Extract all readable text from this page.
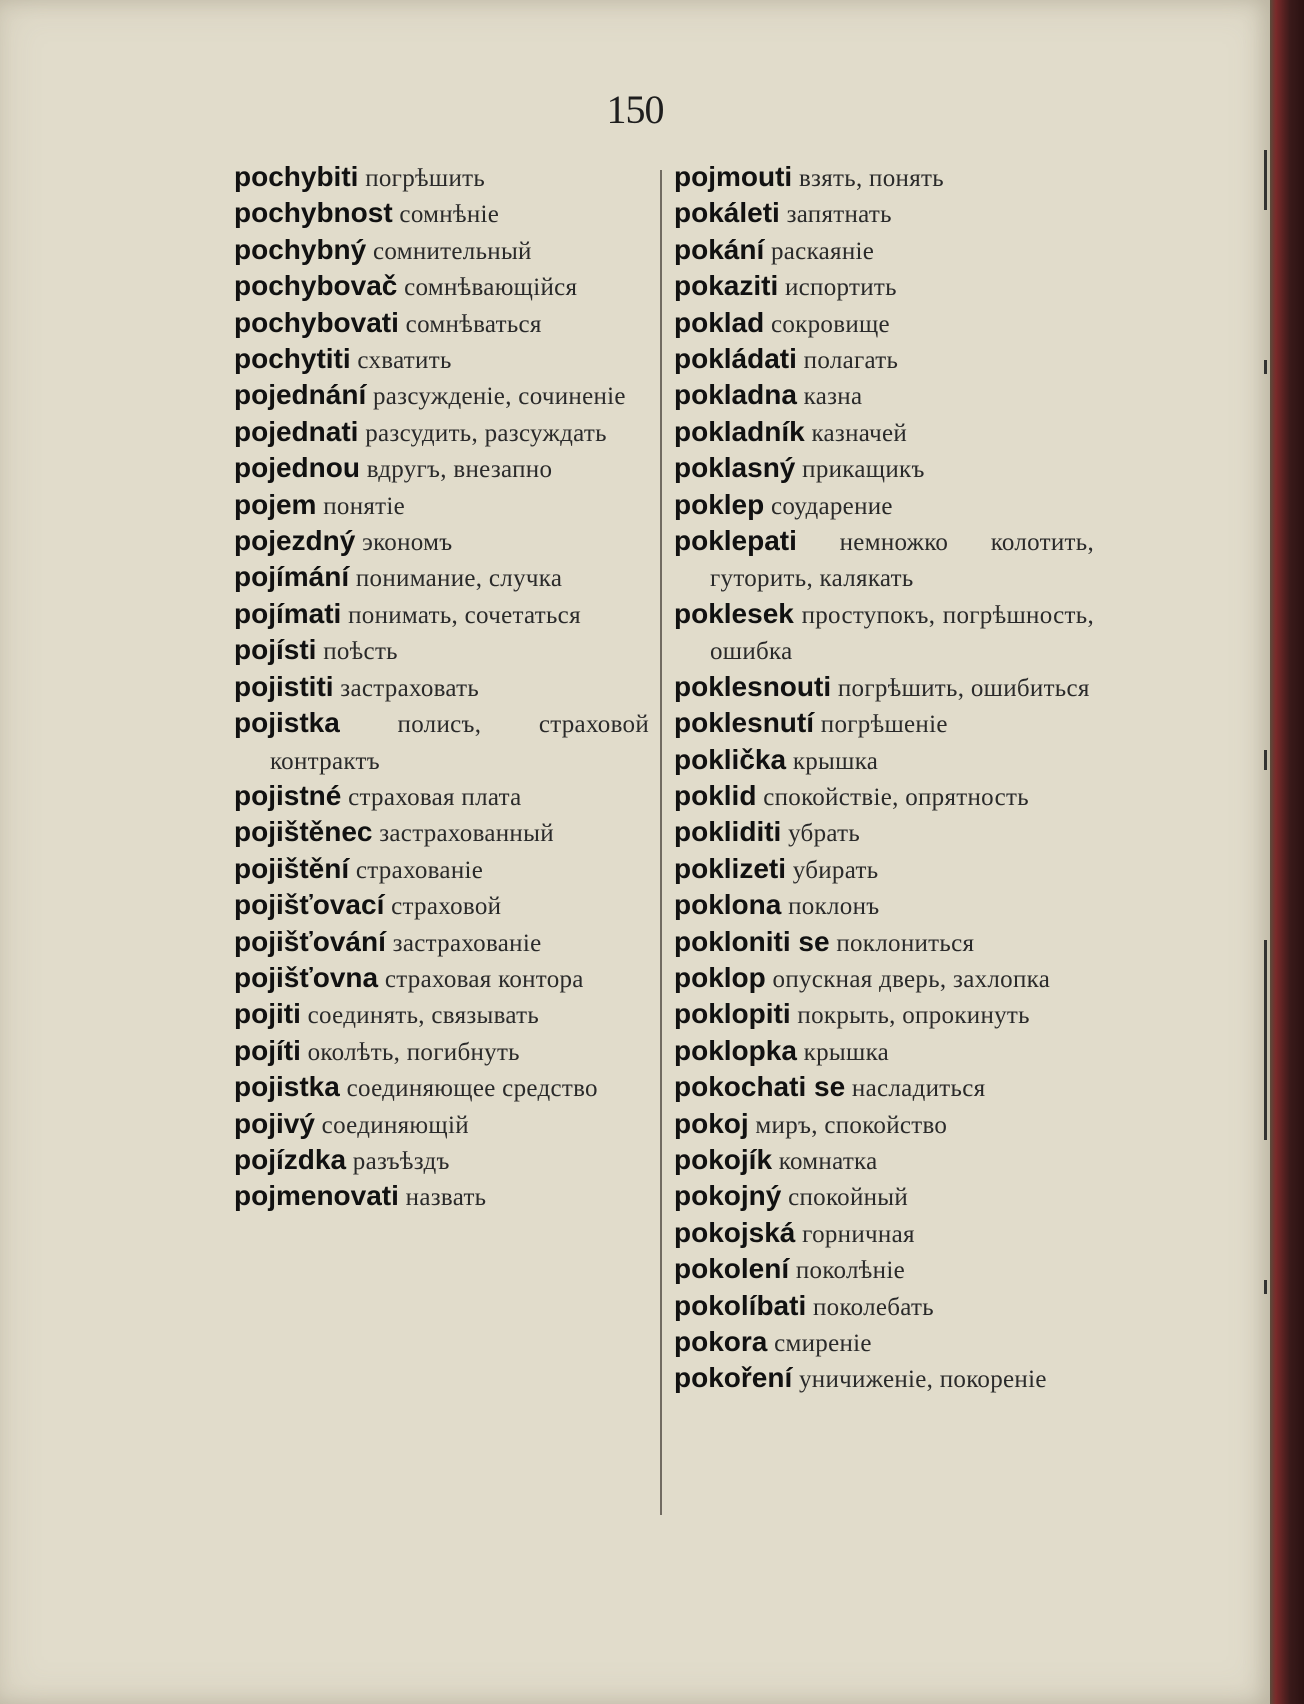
150

pochybiti погрѣшить

pochybnost сомнѣніе

pochybný сомнительный

pochybovač сомнѣвающійся

pochybovati сомнѣваться

pochytiti схватить

pojednání разсужденіе, сочиненіе

pojednati разсудить, разсуждать

pojednou вдругъ, внезапно

pojem понятіе

pojezdný экономъ

pojímání понимание, случка

pojímati понимать, сочетаться

pojísti поѣсть

pojistiti застраховать

pojistka полисъ, страховой контрактъ

pojistné страховая плата

pojištěnec застрахованный

pojištění страхованіе

pojišťovací страховой

pojišťování застрахованіе

pojišťovna страховая контора

pojiti соединять, связывать

pojíti околѣть, погибнуть

pojistka соединяющее средство

pojivý соединяющій

pojízdka разъѣздъ

pojmenovati назвать

pojmouti взять, понять

pokáleti запятнать

pokání раскаяніе

pokaziti испортить

poklad сокровище

pokládati полагать

pokladna казна

pokladník казначей

poklasný прикащикъ

poklep соударение

poklepati немножко колотить, гуторить, калякать

poklesek проступокъ, погрѣшность, ошибка

poklesnouti погрѣшить, ошибиться

poklesnutí погрѣшеніе

poklička крышка

poklid спокойствіе, опрятность

pokliditi убрать

poklizeti убирать

poklona поклонъ

pokloniti se поклониться

poklop опускная дверь, захлопка

poklopiti покрыть, опрокинуть

poklopka крышка

pokochati se насладиться

pokoj миръ, спокойство

pokojík комнатка

pokojný спокойный

pokojská горничная

pokolení поколѣніе

pokolíbati поколебать

pokora смиреніе

pokoření уничиженіе, покореніе
